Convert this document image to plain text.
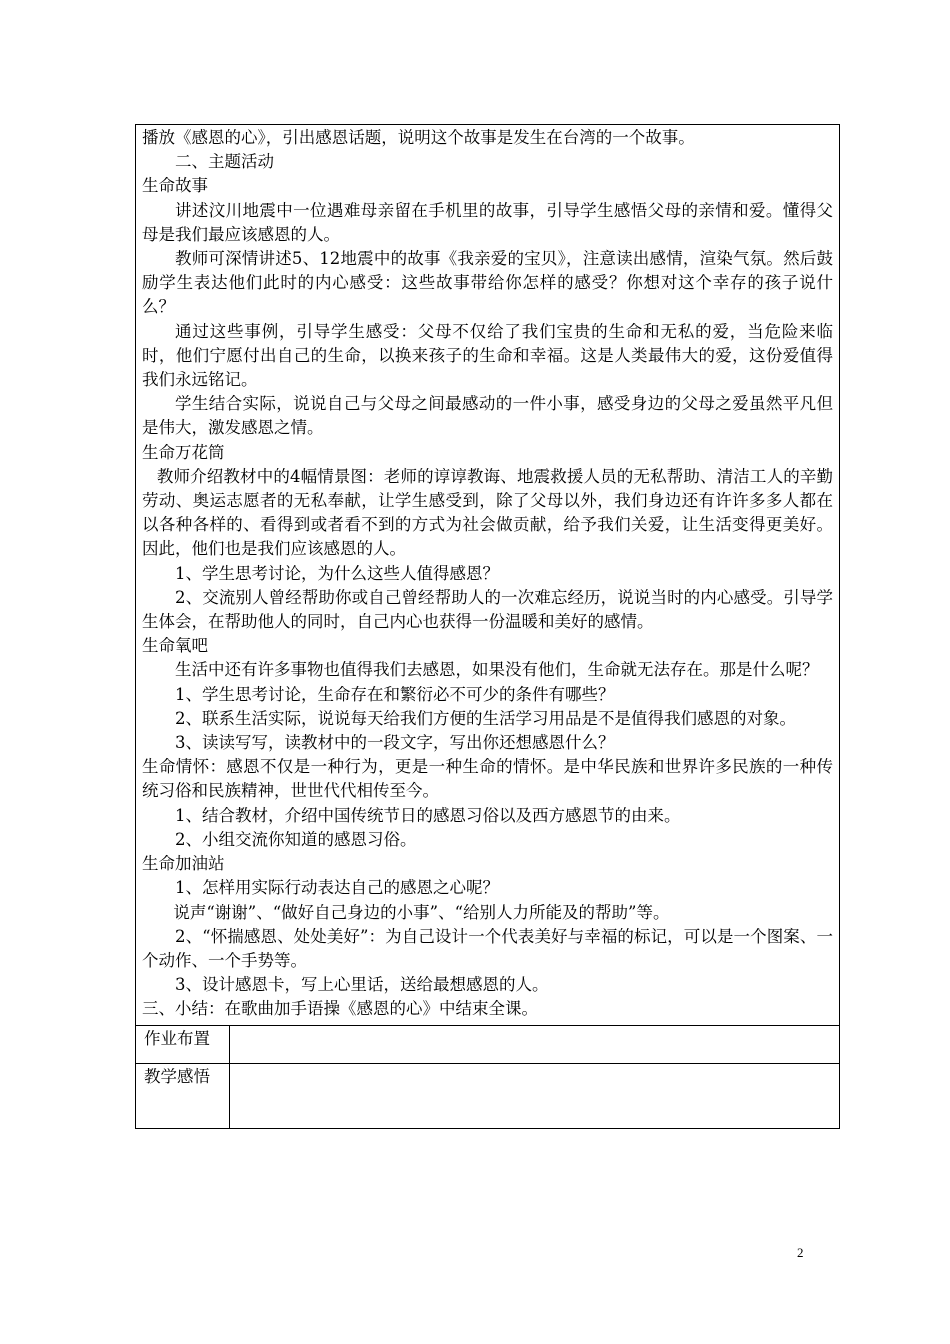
播放《感恩的心》，引出感恩话题，说明这个故事是发生在台湾的一个故事。

二、主题活动

生命故事

讲述汶川地震中一位遇难母亲留在手机里的故事，引导学生感悟父母的亲情和爱。懂得父母是我们最应该感恩的人。

教师可深情讲述5、12地震中的故事《我亲爱的宝贝》，注意读出感情，渲染气氛。然后鼓励学生表达他们此时的内心感受：这些故事带给你怎样的感受？你想对这个幸存的孩子说什么？

通过这些事例，引导学生感受：父母不仅给了我们宝贵的生命和无私的爱，当危险来临时，他们宁愿付出自己的生命，以换来孩子的生命和幸福。这是人类最伟大的爱，这份爱值得我们永远铭记。

学生结合实际，说说自己与父母之间最感动的一件小事，感受身边的父母之爱虽然平凡但是伟大，激发感恩之情。

生命万花筒

教师介绍教材中的4幅情景图：老师的谆谆教诲、地震救援人员的无私帮助、清洁工人的辛勤劳动、奥运志愿者的无私奉献，让学生感受到，除了父母以外，我们身边还有许许多多人都在以各种各样的、看得到或者看不到的方式为社会做贡献，给予我们关爱，让生活变得更美好。因此，他们也是我们应该感恩的人。

1、学生思考讨论，为什么这些人值得感恩？

2、交流别人曾经帮助你或自己曾经帮助人的一次难忘经历，说说当时的内心感受。引导学生体会，在帮助他人的同时，自己内心也获得一份温暖和美好的感情。

生命氧吧

生活中还有许多事物也值得我们去感恩，如果没有他们，生命就无法存在。那是什么呢？

1、学生思考讨论，生命存在和繁衍必不可少的条件有哪些？

2、联系生活实际，说说每天给我们方便的生活学习用品是不是值得我们感恩的对象。

3、读读写写，读教材中的一段文字，写出你还想感恩什么？

生命情怀：感恩不仅是一种行为，更是一种生命的情怀。是中华民族和世界许多民族的一种传统习俗和民族精神，世世代代相传至今。

1、结合教材，介绍中国传统节日的感恩习俗以及西方感恩节的由来。

2、小组交流你知道的感恩习俗。

生命加油站

1、怎样用实际行动表达自己的感恩之心呢？

说声“谢谢”、“做好自己身边的小事”、“给别人力所能及的帮助”等。

2、“怀揣感恩、处处美好”：为自己设计一个代表美好与幸福的标记，可以是一个图案、一个动作、一个手势等。

3、设计感恩卡，写上心里话，送给最想感恩的人。

三、小结：在歌曲加手语操《感恩的心》中结束全课。

作业布置
教学感悟
2
